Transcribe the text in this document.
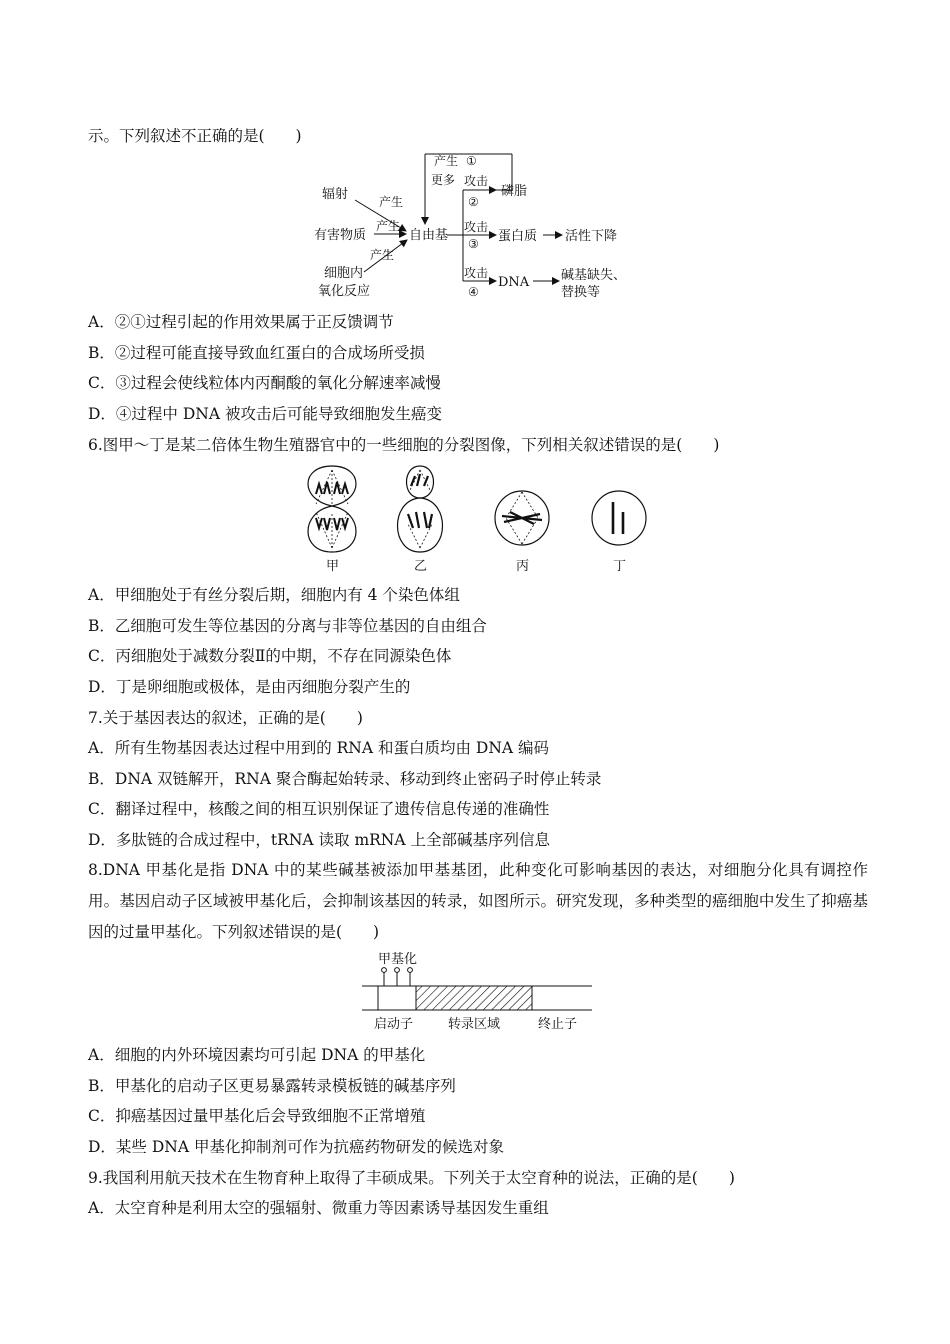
示。下列叙述不正确的是(　　)
辐射
有害物质
细胞内
氧化反应
产生
产生
产生
产生 ①
更多
自由基
攻击
②
磷脂
攻击
③ 蛋白质 活性下降
攻击
④
DNA 碱基缺失、
替换等
A．②①过程引起的作用效果属于正反馈调节
B．②过程可能直接导致血红蛋白的合成场所受损
C．③过程会使线粒体内丙酮酸的氧化分解速率减慢
D．④过程中 DNA 被攻击后可能导致细胞发生癌变
6.图甲～丁是某二倍体生物生殖器官中的一些细胞的分裂图像，下列相关叙述错误的是(　　)
甲	乙	丙	丁
A．甲细胞处于有丝分裂后期，细胞内有 4 个染色体组
B．乙细胞可发生等位基因的分离与非等位基因的自由组合
C．丙细胞处于减数分裂Ⅱ的中期，不存在同源染色体
D．丁是卵细胞或极体，是由丙细胞分裂产生的
7.关于基因表达的叙述，正确的是(　　)
A．所有生物基因表达过程中用到的 RNA 和蛋白质均由 DNA 编码
B．DNA 双链解开，RNA 聚合酶起始转录、移动到终止密码子时停止转录
C．翻译过程中，核酸之间的相互识别保证了遗传信息传递的准确性
D．多肽链的合成过程中，tRNA 读取 mRNA 上全部碱基序列信息
8.DNA 甲基化是指 DNA 中的某些碱基被添加甲基基团，此种变化可影响基因的表达，对细胞分化具有调控作用。基因启动子区域被甲基化后，会抑制该基因的转录，如图所示。研究发现，多种类型的癌细胞中发生了抑癌基因的过量甲基化。下列叙述错误的是(　　)
甲基化
启动子	转录区域	终止子
A．细胞的内外环境因素均可引起 DNA 的甲基化
B．甲基化的启动子区更易暴露转录模板链的碱基序列
C．抑癌基因过量甲基化后会导致细胞不正常增殖
D．某些 DNA 甲基化抑制剂可作为抗癌药物研发的候选对象
9.我国利用航天技术在生物育种上取得了丰硕成果。下列关于太空育种的说法，正确的是(　　)
A．太空育种是利用太空的强辐射、微重力等因素诱导基因发生重组
